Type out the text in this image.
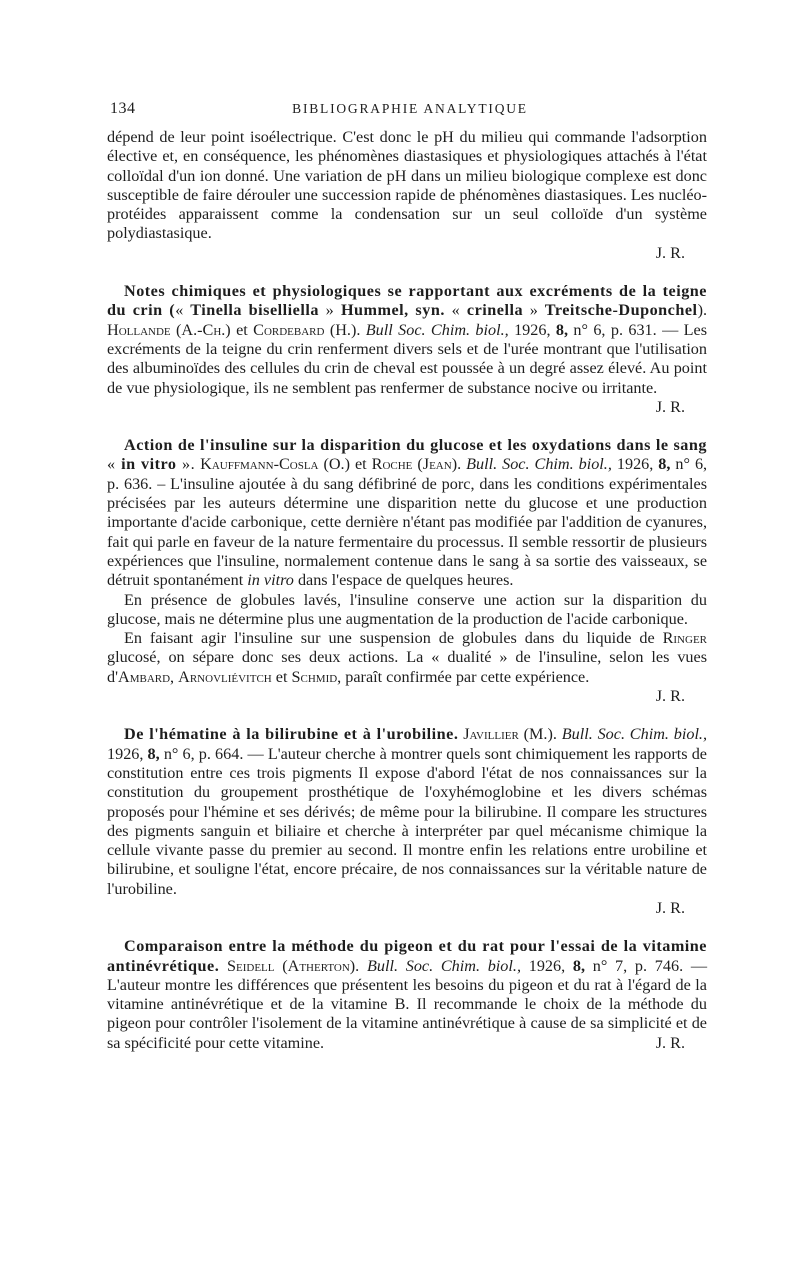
134	BIBLIOGRAPHIE ANALYTIQUE

dépend de leur point isoélectrique. C'est donc le pH du milieu qui commande l'adsorption élective et, en conséquence, les phénomènes diastasiques et physiologiques attachés à l'état colloïdal d'un ion donné. Une variation de pH dans un milieu biologique complexe est donc susceptible de faire dérouler une succession rapide de phénomènes diastasiques. Les nucléo-protéides apparaissent comme la condensation sur un seul colloïde d'un système polydiastasique.

J. R.

Notes chimiques et physiologiques se rapportant aux excréments de la teigne du crin (« Tinella biselliella » Hummel, syn. « crinella » Treitsche-Duponchel). Hollande (A.-Ch.) et Cordebard (H.). Bull Soc. Chim. biol., 1926, 8, n° 6, p. 631. — Les excréments de la teigne du crin renferment divers sels et de l'urée montrant que l'utilisation des albuminoïdes des cellules du crin de cheval est poussée à un degré assez élevé. Au point de vue physiologique, ils ne semblent pas renfermer de substance nocive ou irritante.

J. R.

Action de l'insuline sur la disparition du glucose et les oxydations dans le sang « in vitro ». Kauffmann-Cosla (O.) et Roche (Jean). Bull. Soc. Chim. biol., 1926, 8, n° 6, p. 636. – L'insuline ajoutée à du sang défibriné de porc, dans les conditions expérimentales précisées par les auteurs détermine une disparition nette du glucose et une production importante d'acide carbonique, cette dernière n'étant pas modifiée par l'addition de cyanures, fait qui parle en faveur de la nature fermentaire du processus. Il semble ressortir de plusieurs expériences que l'insuline, normalement contenue dans le sang à sa sortie des vaisseaux, se détruit spontanément in vitro dans l'espace de quelques heures.

En présence de globules lavés, l'insuline conserve une action sur la disparition du glucose, mais ne détermine plus une augmentation de la production de l'acide carbonique.

En faisant agir l'insuline sur une suspension de globules dans du liquide de Ringer glucosé, on sépare donc ses deux actions. La « dualité » de l'insuline, selon les vues d'Ambard, Arnovliévitch et Schmid, paraît confirmée par cette expérience.

J. R.

De l'hématine à la bilirubine et à l'urobiline. Javillier (M.). Bull. Soc. Chim. biol., 1926, 8, n° 6, p. 664. — L'auteur cherche à montrer quels sont chimiquement les rapports de constitution entre ces trois pigments Il expose d'abord l'état de nos connaissances sur la constitution du groupement prosthétique de l'oxyhémoglobine et les divers schémas proposés pour l'hémine et ses dérivés; de même pour la bilirubine. Il compare les structures des pigments sanguin et biliaire et cherche à interpréter par quel mécanisme chimique la cellule vivante passe du premier au second. Il montre enfin les relations entre urobiline et bilirubine, et souligne l'état, encore précaire, de nos connaissances sur la véritable nature de l'urobiline.

J. R.

Comparaison entre la méthode du pigeon et du rat pour l'essai de la vitamine antinévrétique. Seidell (Atherton). Bull. Soc. Chim. biol., 1926, 8, n° 7, p. 746. — L'auteur montre les différences que présentent les besoins du pigeon et du rat à l'égard de la vitamine antinévrétique et de la vitamine B. Il recommande le choix de la méthode du pigeon pour contrôler l'isolement de la vitamine antinévrétique à cause de sa simplicité et de sa spécificité pour cette vitamine.	J. R.
